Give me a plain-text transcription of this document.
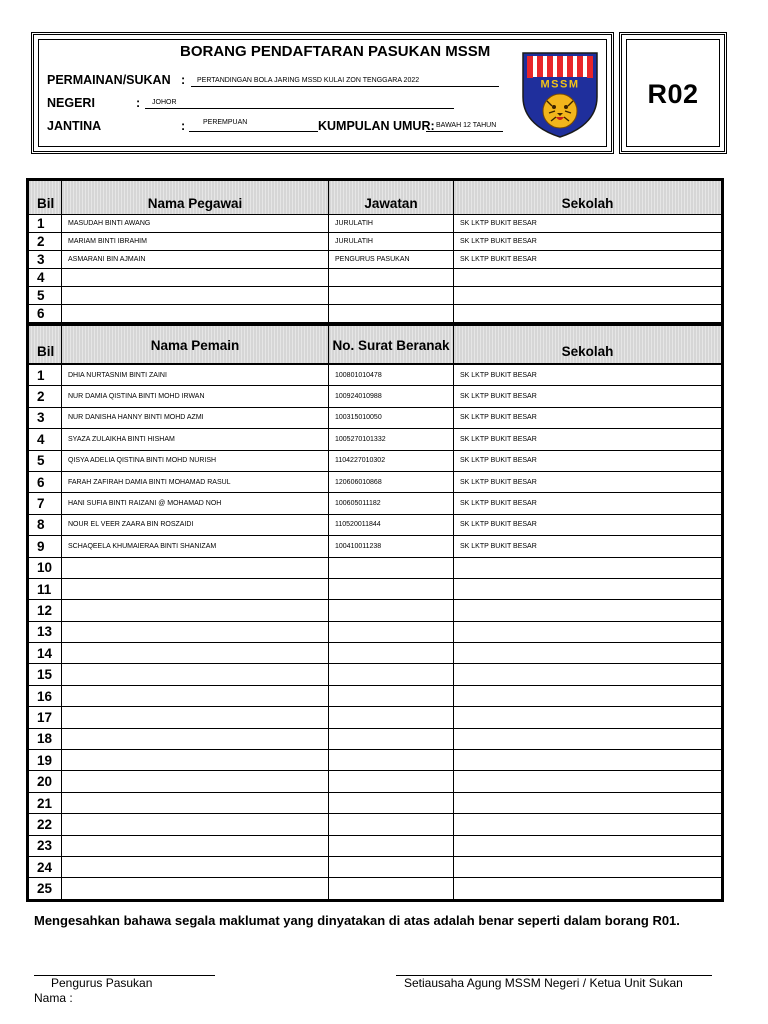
R02
BORANG PENDAFTARAN PASUKAN MSSM
PERMAINAN/SUKAN : PERTANDINGAN BOLA JARING MSSD KULAI ZON TENGGARA 2022
NEGERI	: JOHOR
JANTINA	:	PEREMPUAN	KUMPULAN UMUR: BAWAH 12 TAHUN
MSSM
Bil	Nama Pegawai	Jawatan	Sekolah
1	MASUDAH BINTI AWANG	JURULATIH	SK LKTP BUKIT BESAR
2	MARIAM BINTI IBRAHIM	JURULATIH	SK LKTP BUKIT BESAR
3	ASMARANI BIN AJMAIN	PENGURUS PASUKAN	SK LKTP BUKIT BESAR
4			
5			
6			
Bil	Nama Pemain	No. Surat Beranak	Sekolah
1	DHIA NURTASNIM BINTI ZAINI	100801010478	SK LKTP BUKIT BESAR
2	NUR DAMIA QISTINA BINTI MOHD IRWAN	100924010988	SK LKTP BUKIT BESAR
3	NUR DANISHA HANNY BINTI MOHD AZMI	100315010050	SK LKTP BUKIT BESAR
4	SYAZA ZULAIKHA BINTI HISHAM	1005270101332	SK LKTP BUKIT BESAR
5	QISYA ADELIA QISTINA BINTI MOHD NURISH	1104227010302	SK LKTP BUKIT BESAR
6	FARAH ZAFIRAH DAMIA BINTI MOHAMAD RASUL	120606010868	SK LKTP BUKIT BESAR
7	HANI SUFIA BINTI RAIZANI @ MOHAMAD NOH	100605011182	SK LKTP BUKIT BESAR
8	NOUR EL VEER ZAARA BIN ROSZAIDI	110520011844	SK LKTP BUKIT BESAR
9	SCHAQEELA KHUMAIERAA BINTI SHANIZAM	100410011238	SK LKTP BUKIT BESAR
10			
11			
12			
13			
14			
15			
16			
17			
18			
19			
20			
21			
22			
23			
24			
25			
Mengesahkan bahawa segala maklumat yang dinyatakan di atas adalah benar seperti dalam borang R01.
Pengurus Pasukan
Nama :
Setiausaha Agung MSSM Negeri / Ketua Unit Sukan
